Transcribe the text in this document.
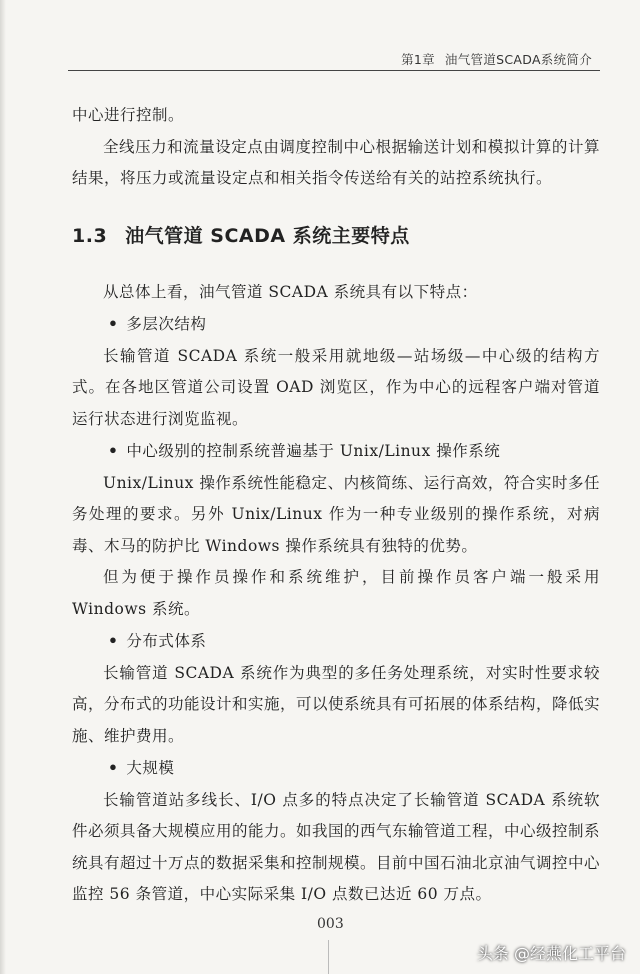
第1章 油气管道SCADA系统简介

中心进行控制。

全线压力和流量设定点由调度控制中心根据输送计划和模拟计算的计算结果，将压力或流量设定点和相关指令传送给有关的站控系统执行。

1.3 油气管道 SCADA 系统主要特点

从总体上看，油气管道 SCADA 系统具有以下特点：

• 多层次结构

长输管道 SCADA 系统一般采用就地级—站场级—中心级的结构方式。在各地区管道公司设置 OAD 浏览区，作为中心的远程客户端对管道运行状态进行浏览监视。

• 中心级别的控制系统普遍基于 Unix/Linux 操作系统

Unix/Linux 操作系统性能稳定、内核简练、运行高效，符合实时多任务处理的要求。另外 Unix/Linux 作为一种专业级别的操作系统，对病毒、木马的防护比 Windows 操作系统具有独特的优势。

但为便于操作员操作和系统维护，目前操作员客户端一般采用 Windows 系统。

• 分布式体系

长输管道 SCADA 系统作为典型的多任务处理系统，对实时性要求较高，分布式的功能设计和实施，可以使系统具有可拓展的体系结构，降低实施、维护费用。

• 大规模

长输管道站多线长、I/O 点多的特点决定了长输管道 SCADA 系统软件必须具备大规模应用的能力。如我国的西气东输管道工程，中心级控制系统具有超过十万点的数据采集和控制规模。目前中国石油北京油气调控中心监控 56 条管道，中心实际采集 I/O 点数已达近 60 万点。

003
头条 @经燕化工平台
